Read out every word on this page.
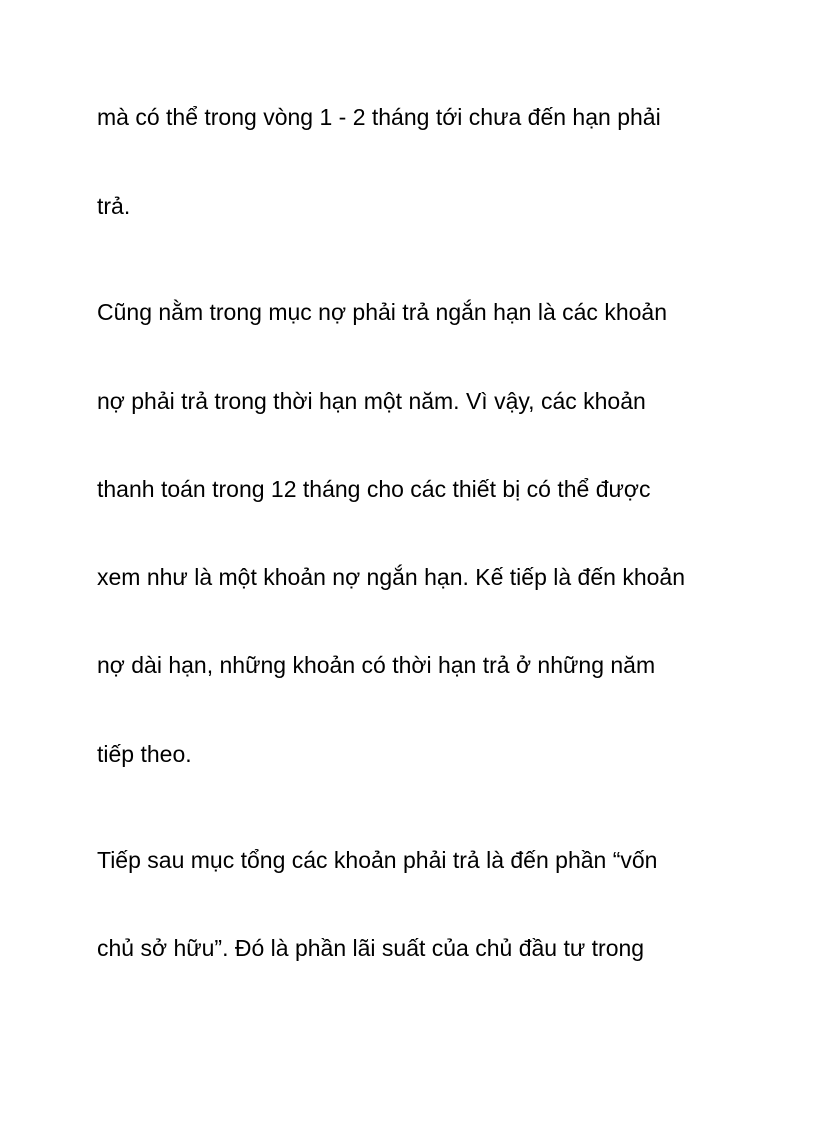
mà có thể trong vòng 1 - 2 tháng tới chưa đến hạn phải

trả.

Cũng nằm trong mục nợ phải trả ngắn hạn là các khoản

nợ phải trả trong thời hạn một năm. Vì vậy, các khoản

thanh toán trong 12 tháng cho các thiết bị có thể được

xem như là một khoản nợ ngắn hạn. Kế tiếp là đến khoản

nợ dài hạn, những khoản có thời hạn trả ở những năm

tiếp theo.

Tiếp sau mục tổng các khoản phải trả là đến phần “vốn

chủ sở hữu”. Đó là phần lãi suất của chủ đầu tư trong
